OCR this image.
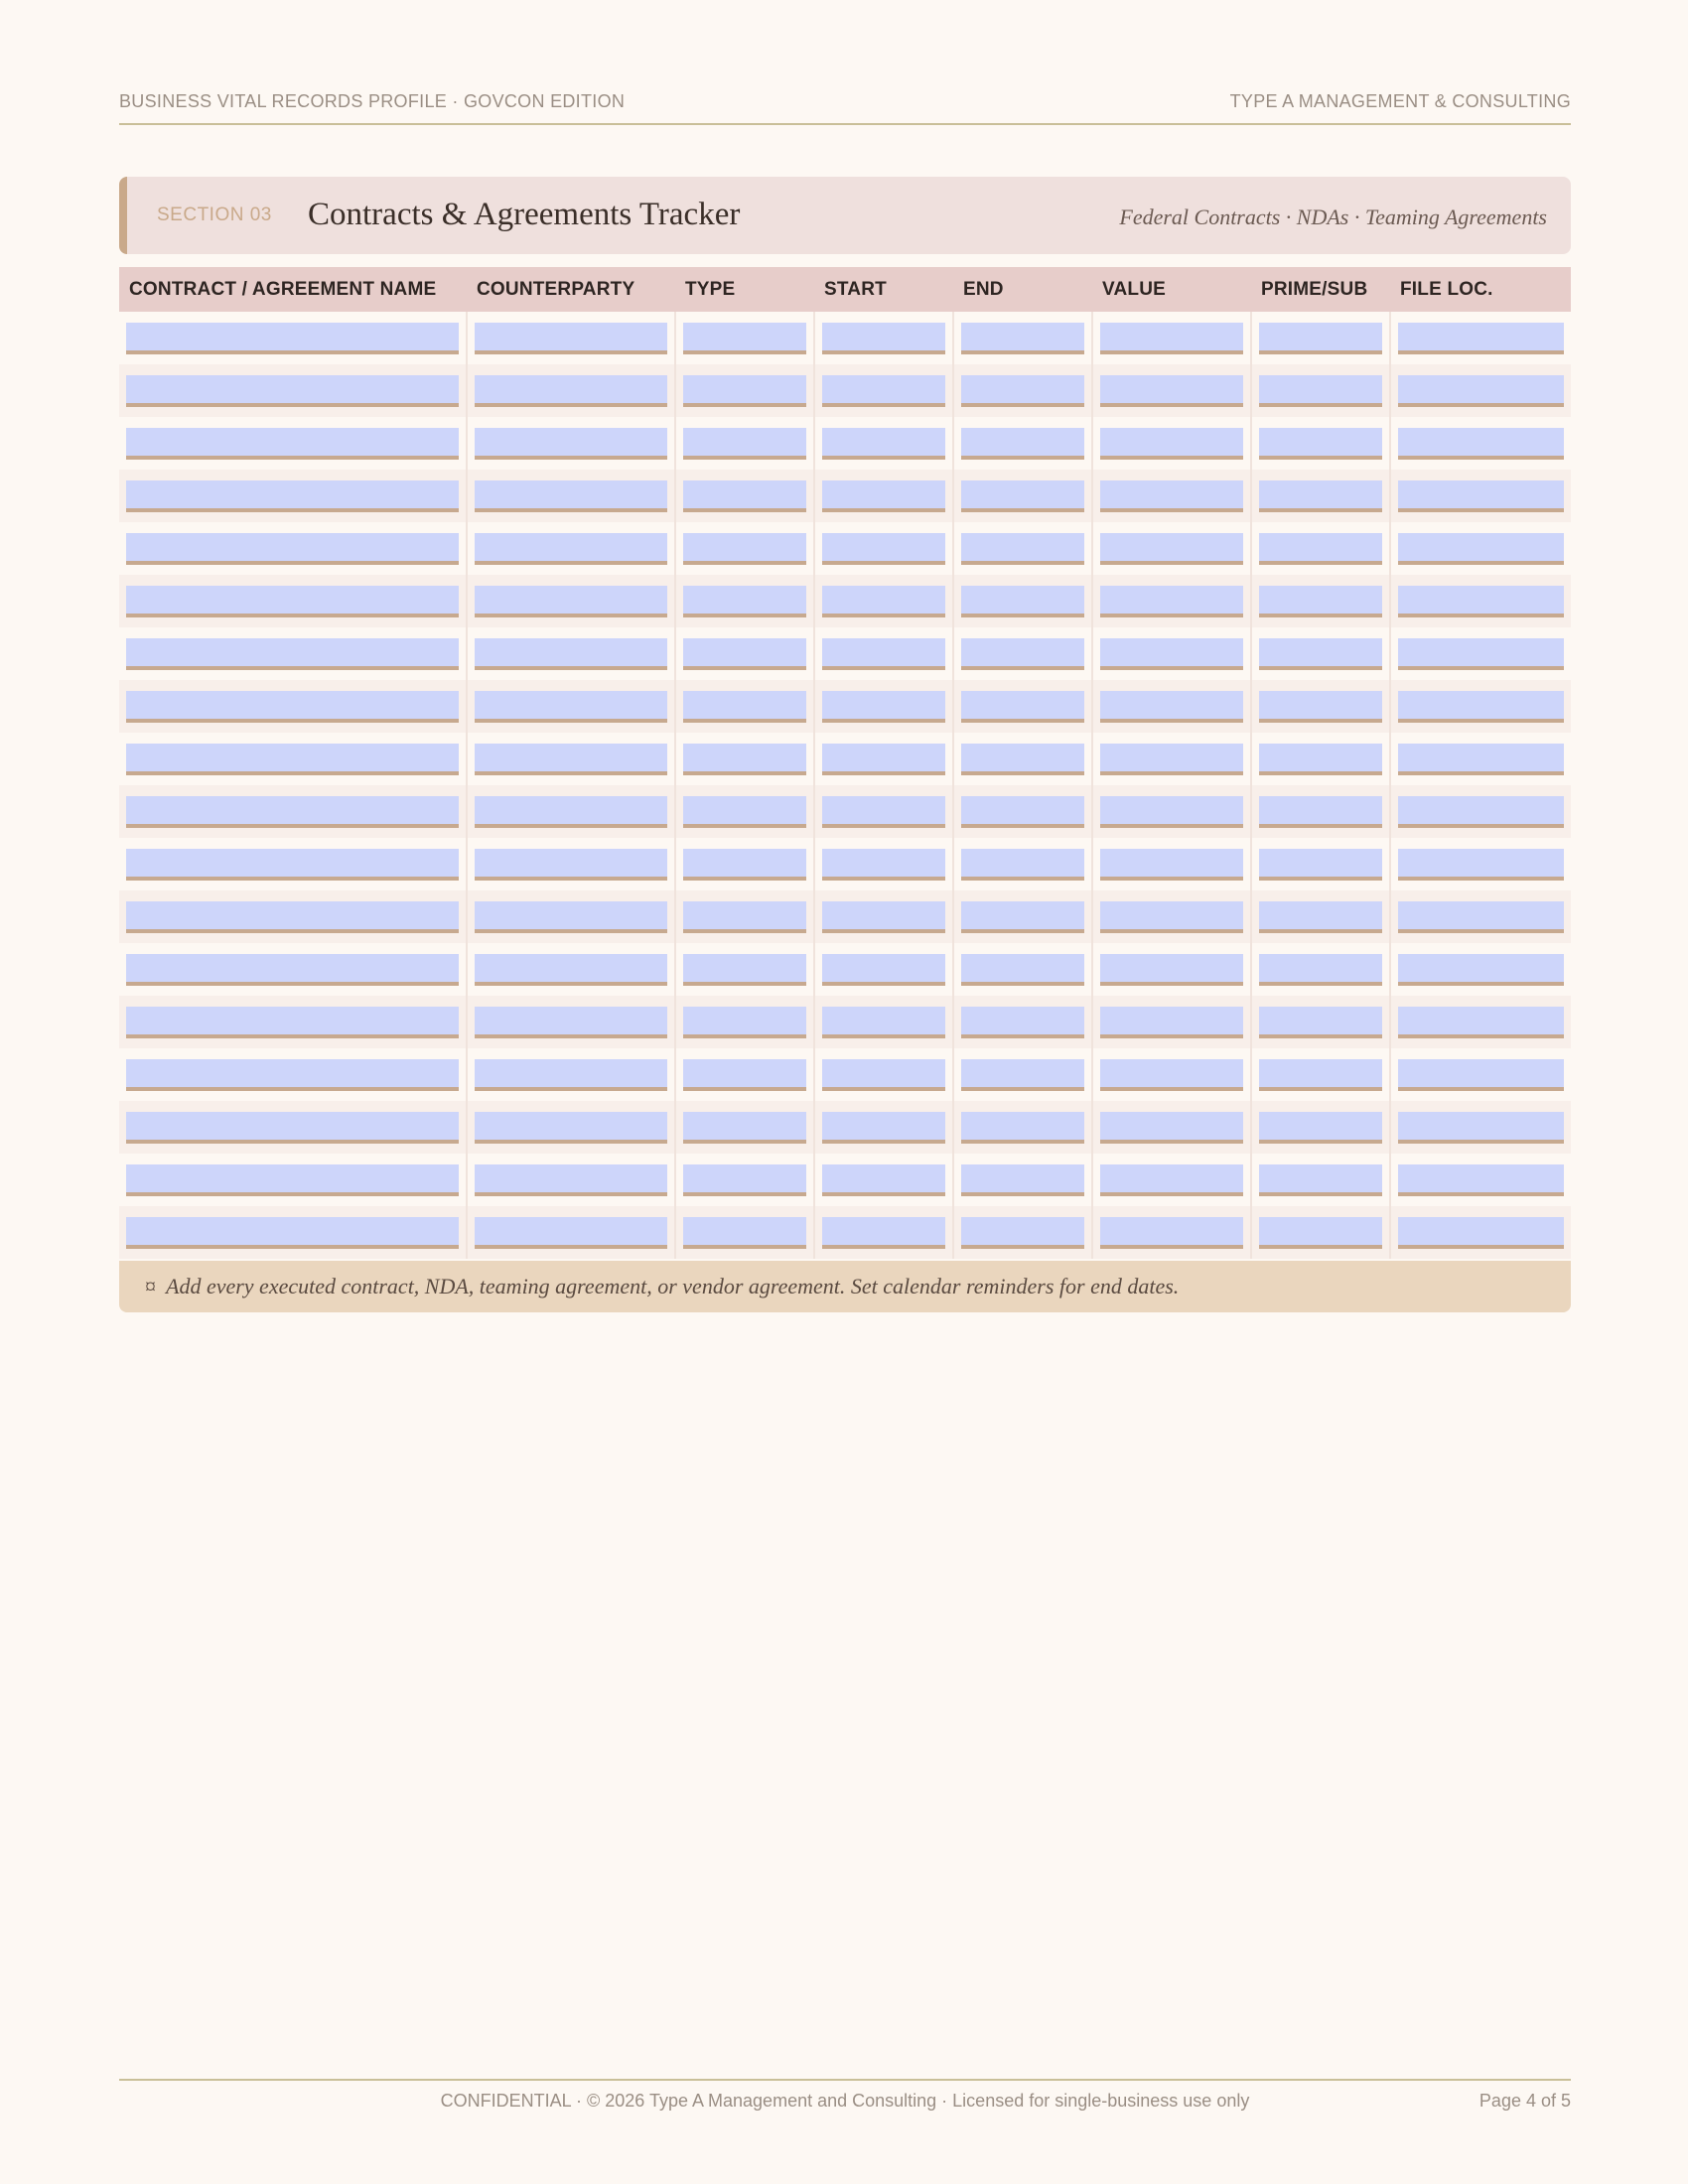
BUSINESS VITAL RECORDS PROFILE · GOVCON EDITION	TYPE A MANAGEMENT & CONSULTING
SECTION 03 Contracts & Agreements Tracker	Federal Contracts · NDAs · Teaming Agreements
CONTRACT / AGREEMENT NAME	COUNTERPARTY	TYPE	START	END	VALUE	PRIME/SUB	FILE LOC.

¤ Add every executed contract, NDA, teaming agreement, or vendor agreement. Set calendar reminders for end dates.
CONFIDENTIAL · © 2026 Type A Management and Consulting · Licensed for single-business use only	Page 4 of 5
